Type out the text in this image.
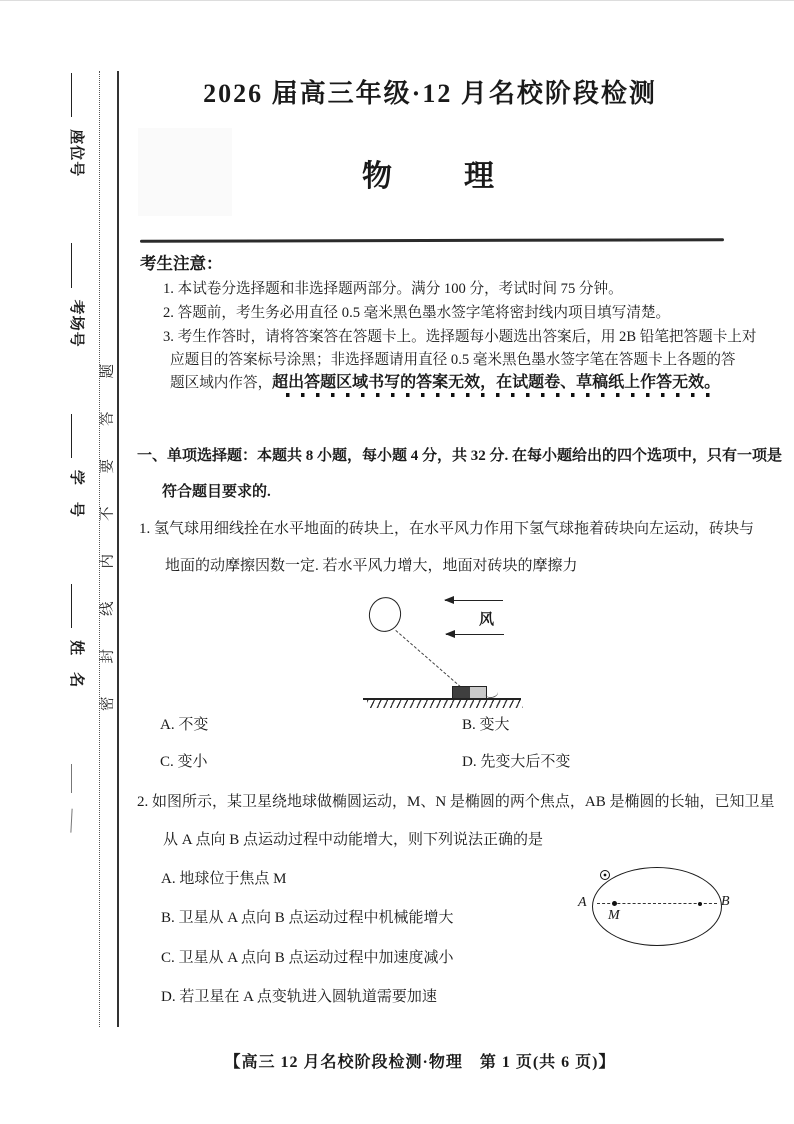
密封线内不要答题
座位号
考场号
学　号
姓　名
2026 届高三年级·12 月名校阶段检测
物　　理
考生注意：
1. 本试卷分选择题和非选择题两部分。满分 100 分，考试时间 75 分钟。
2. 答题前，考生务必用直径 0.5 毫米黑色墨水签字笔将密封线内项目填写清楚。
3. 考生作答时，请将答案答在答题卡上。选择题每小题选出答案后，用 2B 铅笔把答题卡上对
应题目的答案标号涂黑；非选择题请用直径 0.5 毫米黑色墨水签字笔在答题卡上各题的答
题区域内作答，超出答题区域书写的答案无效，在试题卷、草稿纸上作答无效。
一、单项选择题：本题共 8 小题，每小题 4 分，共 32 分. 在每小题给出的四个选项中，只有一项是
符合题目要求的.
1. 氢气球用细线拴在水平地面的砖块上，在水平风力作用下氢气球拖着砖块向左运动，砖块与
地面的动摩擦因数一定. 若水平风力增大，地面对砖块的摩擦力
风
A. 不变	B. 变大
C. 变小	D. 先变大后不变
2. 如图所示，某卫星绕地球做椭圆运动，M、N 是椭圆的两个焦点，AB 是椭圆的长轴，已知卫星
从 A 点向 B 点运动过程中动能增大，则下列说法正确的是
A. 地球位于焦点 M
B. 卫星从 A 点向 B 点运动过程中机械能增大
C. 卫星从 A 点向 B 点运动过程中加速度减小
D. 若卫星在 A 点变轨进入圆轨道需要加速
A	B
M
【高三 12 月名校阶段检测·物理　第 1 页(共 6 页)】
